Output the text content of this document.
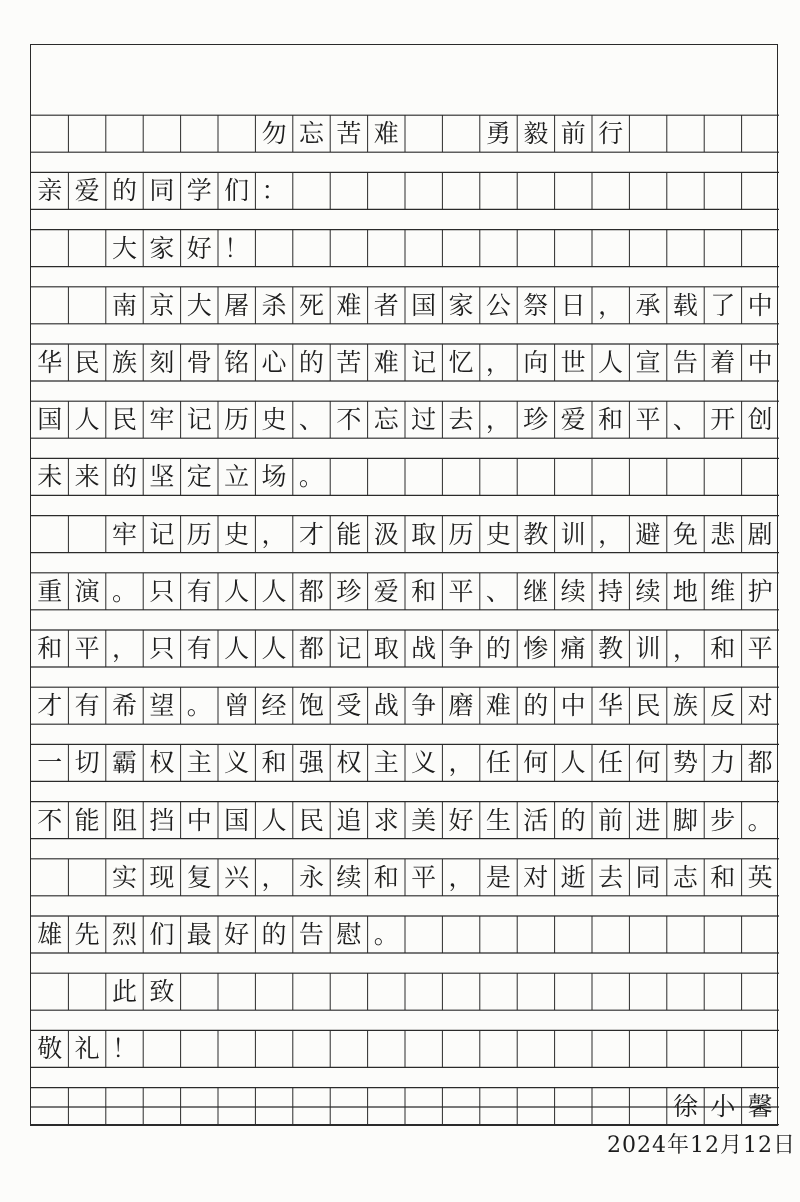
勿 忘 苦 难	勇 毅 前 行
亲 爱 的 同 学 们 ：
大 家 好 ！
南 京 大 屠 杀 死 难 者 国 家 公 祭 日 ， 承 载 了 中
华 民 族 刻 骨 铭 心 的 苦 难 记 忆 ， 向 世 人 宣 告 着 中
国 人 民 牢 记 历 史 、 不 忘 过 去 ， 珍 爱 和 平 、 开 创
未 来 的 坚 定 立 场 。
牢 记 历 史 ， 才 能 汲 取 历 史 教 训 ， 避 免 悲 剧
重 演 。 只 有 人 人 都 珍 爱 和 平 、 继 续 持 续 地 维 护
和 平 ， 只 有 人 人 都 记 取 战 争 的 惨 痛 教 训 ， 和 平
才 有 希 望 。 曾 经 饱 受 战 争 磨 难 的 中 华 民 族 反 对
一 切 霸 权 主 义 和 强 权 主 义 ， 任 何 人 任 何 势 力 都
不 能 阻 挡 中 国 人 民 追 求 美 好 生 活 的 前 进 脚 步 。
实 现 复 兴 ， 永 续 和 平 ， 是 对 逝 去 同 志 和 英
雄 先 烈 们 最 好 的 告 慰 。
此 致
敬 礼 ！
徐 小 馨
2024年12月12日
